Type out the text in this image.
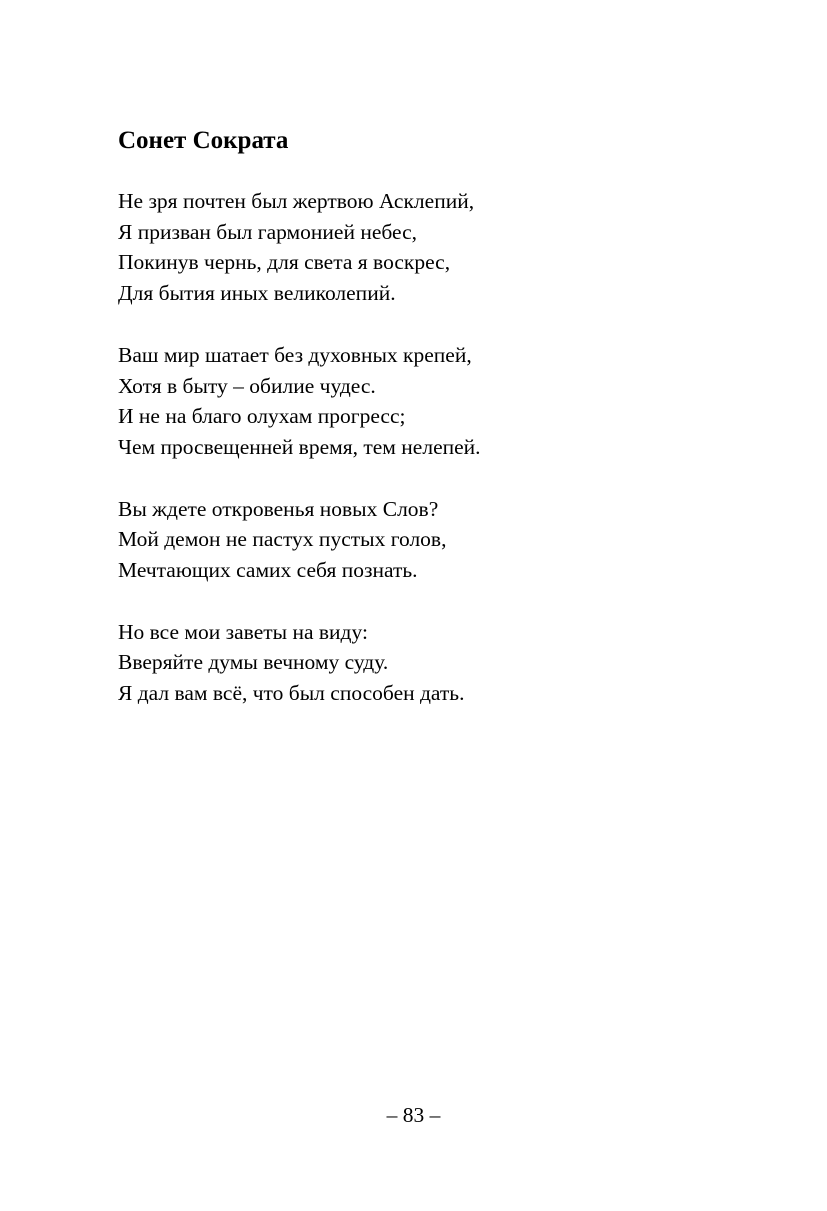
Сонет Сократа
Не зря почтен был жертвою Асклепий,
Я призван был гармонией небес,
Покинув чернь, для света я воскрес,
Для бытия иных великолепий.
Ваш мир шатает без духовных крепей,
Хотя в быту – обилие чудес.
И не на благо олухам прогресс;
Чем просвещенней время, тем нелепей.
Вы ждете откровенья новых Слов?
Мой демон не пастух пустых голов,
Мечтающих самих себя познать.
Но все мои заветы на виду:
Вверяйте думы вечному суду.
Я дал вам всё, что был способен дать.
– 83 –
